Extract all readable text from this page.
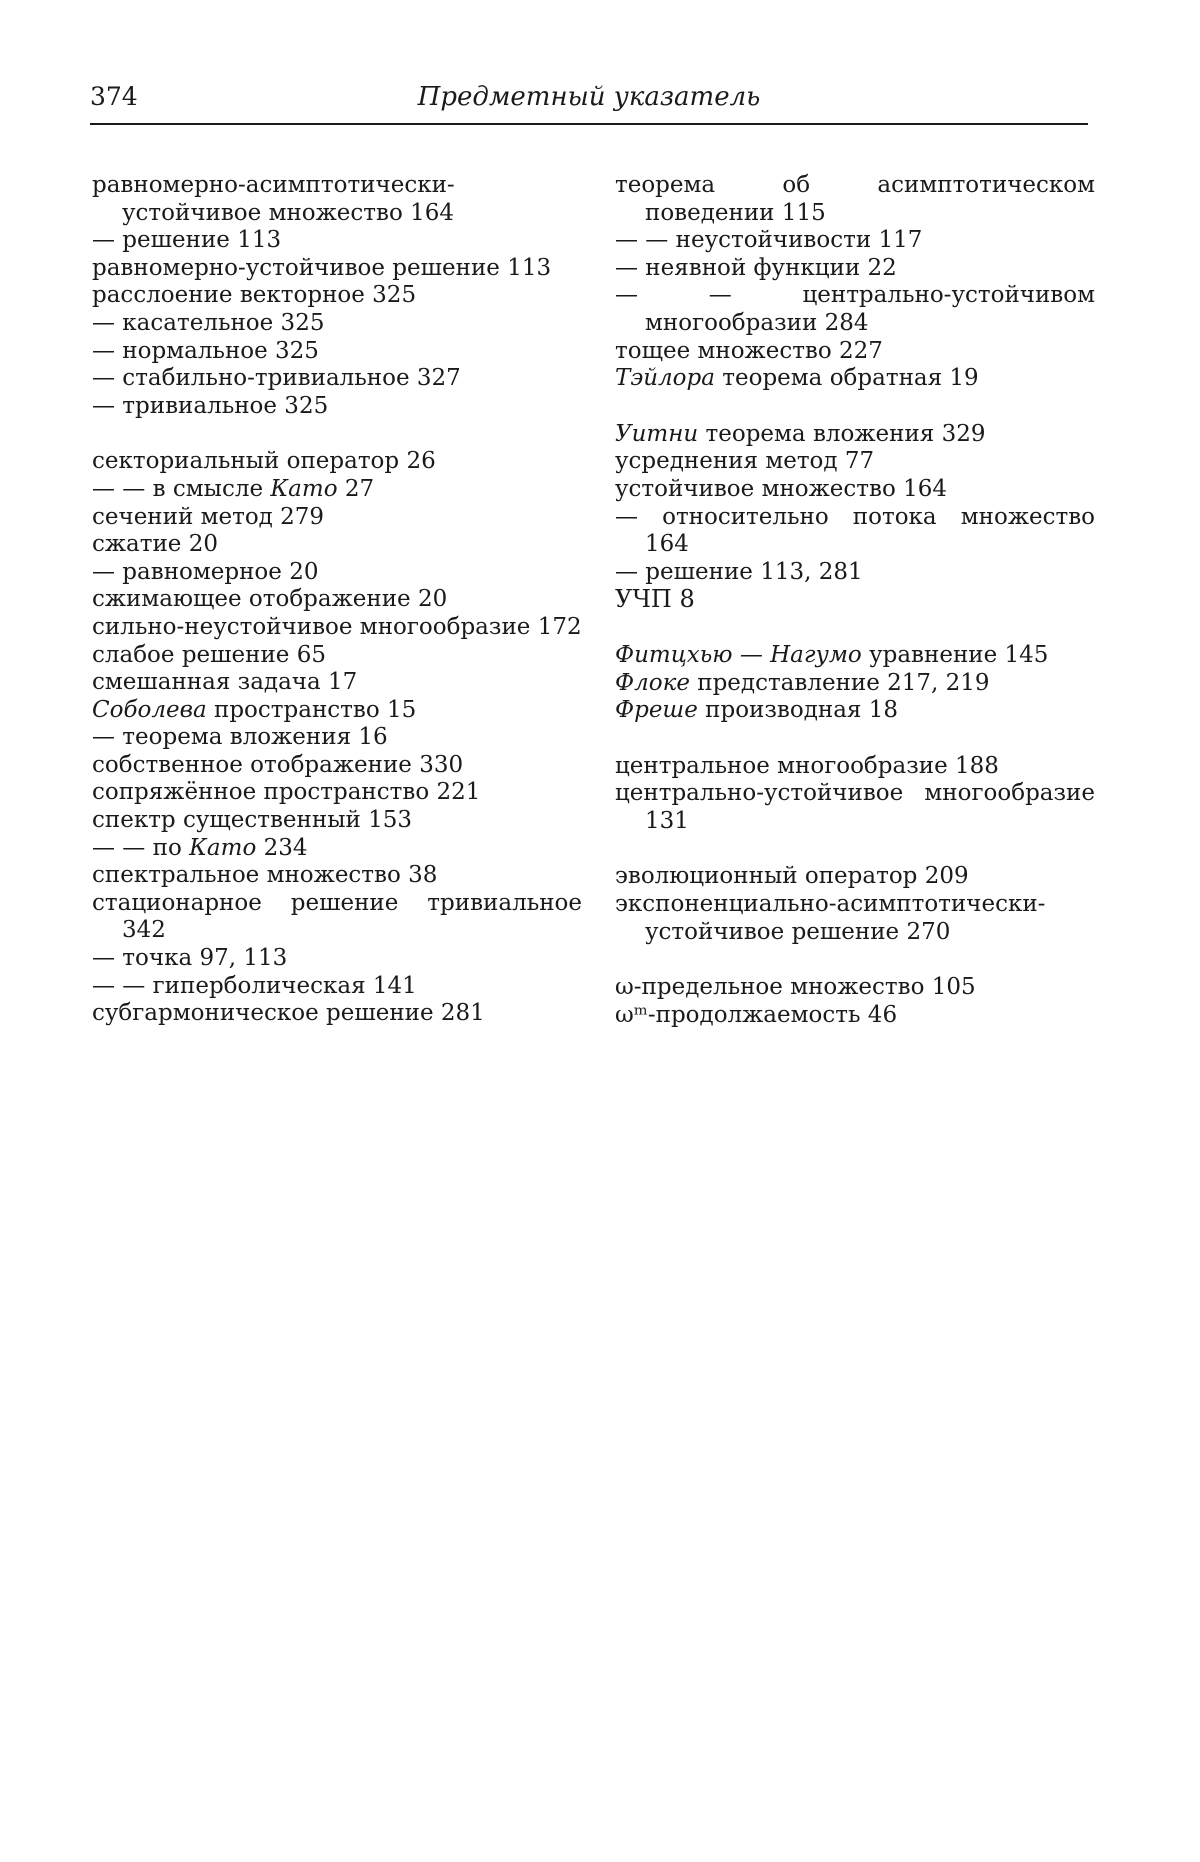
374	Предметный указатель

равномерно-асимптотически-устойчивое множество 164

— решение 113

равномерно-устойчивое решение 113

расслоение векторное 325

— касательное 325

— нормальное 325

— стабильно-тривиальное 327

— тривиальное 325

секториальный оператор 26

— — в смысле Като 27

сечений метод 279

сжатие 20

— равномерное 20

сжимающее отображение 20

сильно-неустойчивое многообразие 172

слабое решение 65

смешанная задача 17

Соболева пространство 15

— теорема вложения 16

собственное отображение 330

сопряжённое пространство 221

спектр существенный 153

— — по Като 234

спектральное множество 38

стационарное решение тривиальное 342

— точка 97, 113

— — гиперболическая 141

субгармоническое решение 281

теорема об асимптотическом поведении 115

— — неустойчивости 117

— неявной функции 22

— — центрально-устойчивом многообразии 284

тощее множество 227

Тэйлора теорема обратная 19

Уитни теорема вложения 329

усреднения метод 77

устойчивое множество 164

— относительно потока множество 164

— решение 113, 281

УЧП 8

Фитцхью — Нагумо уравнение 145

Флоке представление 217, 219

Фреше производная 18

центральное многообразие 188

центрально-устойчивое многообразие 131

эволюционный оператор 209

экспоненциально-асимптотически-устойчивое решение 270

ω-предельное множество 105

ωᵐ-продолжаемость 46
